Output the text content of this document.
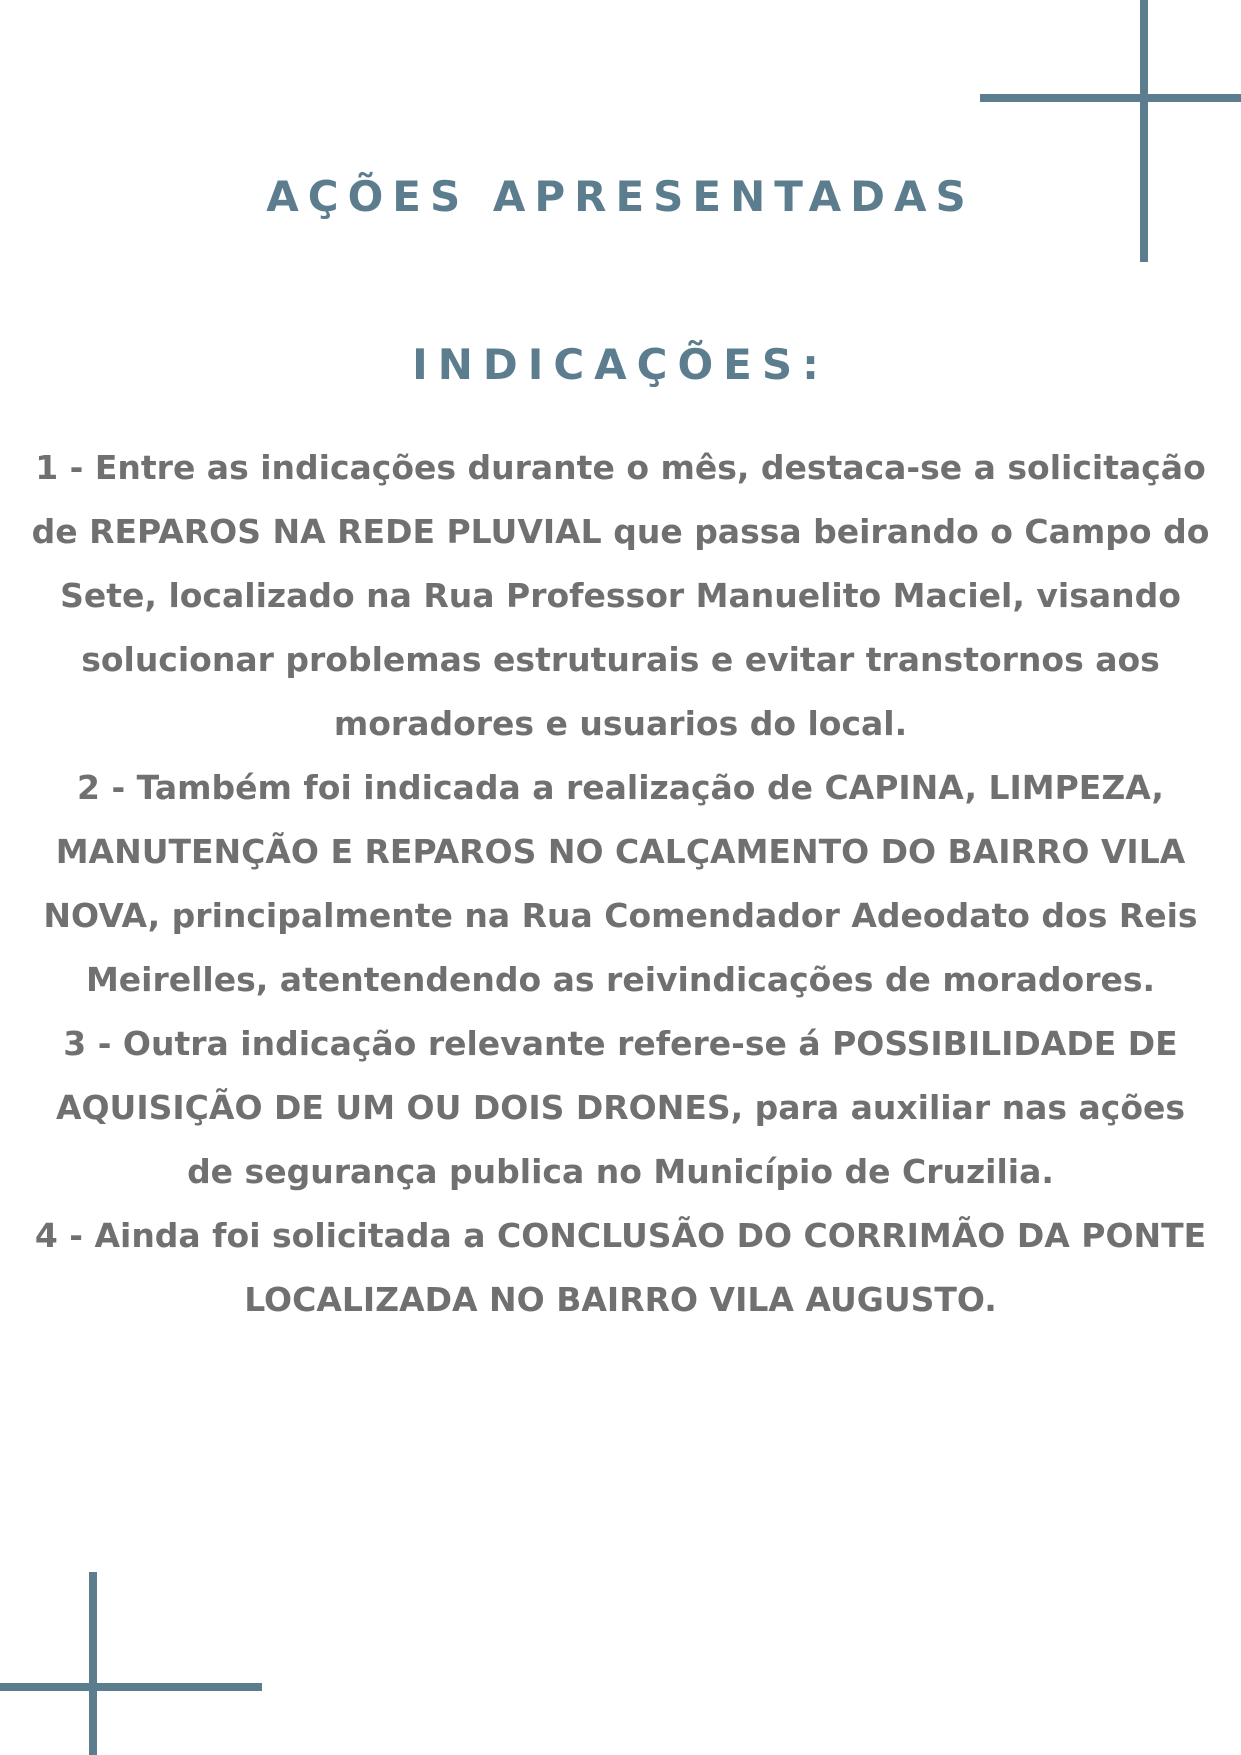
AÇÕES APRESENTADAS
INDICAÇÕES:
1 - Entre as indicações durante o mês, destaca-se a solicitação de REPAROS NA REDE PLUVIAL que passa beirando o Campo do Sete, localizado na Rua Professor Manuelito Maciel, visando solucionar problemas estruturais e evitar transtornos aos moradores e usuarios do local.
2 - Também foi indicada a realização de CAPINA, LIMPEZA, MANUTENÇÃO E REPAROS NO CALÇAMENTO DO BAIRRO VILA NOVA, principalmente na Rua Comendador Adeodato dos Reis Meirelles, atentendendo as reivindicações de moradores.
3 - Outra indicação relevante refere-se á POSSIBILIDADE DE AQUISIÇÃO DE UM OU DOIS DRONES, para auxiliar nas ações de segurança publica no Município de Cruzilia.
4 - Ainda foi solicitada a CONCLUSÃO DO CORRIMÃO DA PONTE LOCALIZADA NO BAIRRO VILA AUGUSTO.
